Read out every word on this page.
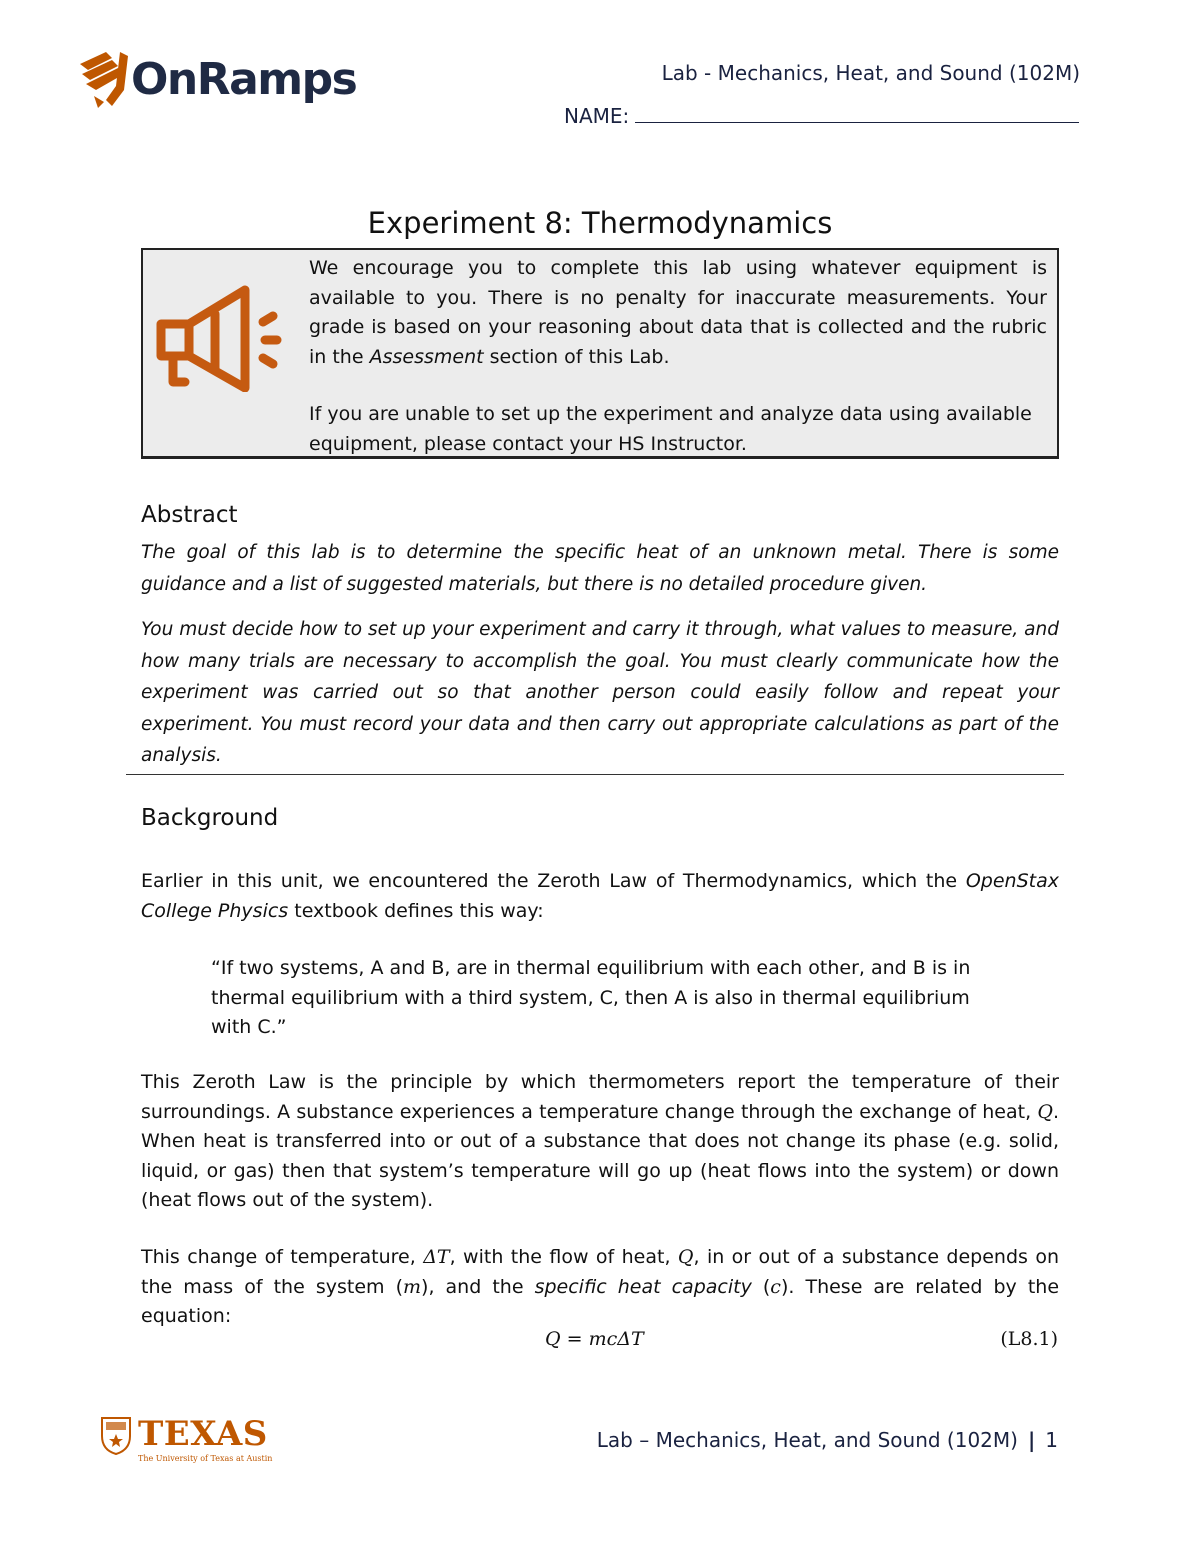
OnRamps	Lab - Mechanics, Heat, and Sound (102M)
NAME:
Experiment 8: Thermodynamics

We encourage you to complete this lab using whatever equipment is available to you. There is no penalty for inaccurate measurements. Your grade is based on your reasoning about data that is collected and the rubric in the Assessment section of this Lab.

If you are unable to set up the experiment and analyze data using available equipment, please contact your HS Instructor.

Abstract

The goal of this lab is to determine the specific heat of an unknown metal. There is some guidance and a list of suggested materials, but there is no detailed procedure given.

You must decide how to set up your experiment and carry it through, what values to measure, and how many trials are necessary to accomplish the goal. You must clearly communicate how the experiment was carried out so that another person could easily follow and repeat your experiment. You must record your data and then carry out appropriate calculations as part of the analysis.

Background
Earlier in this unit, we encountered the Zeroth Law of Thermodynamics, which the OpenStax College Physics textbook defines this way:
“If two systems, A and B, are in thermal equilibrium with each other, and B is in thermal equilibrium with a third system, C, then A is also in thermal equilibrium with C.”
This Zeroth Law is the principle by which thermometers report the temperature of their surroundings. A substance experiences a temperature change through the exchange of heat, Q. When heat is transferred into or out of a substance that does not change its phase (e.g. solid, liquid, or gas) then that system’s temperature will go up (heat flows into the system) or down (heat flows out of the system).
This change of temperature, ΔT, with the flow of heat, Q, in or out of a substance depends on the mass of the system (m), and the specific heat capacity (c). These are related by the equation:
Q = mcΔT	(L8.1)
TEXAS
The University of Texas at Austin
Lab – Mechanics, Heat, and Sound (102M) | 1
